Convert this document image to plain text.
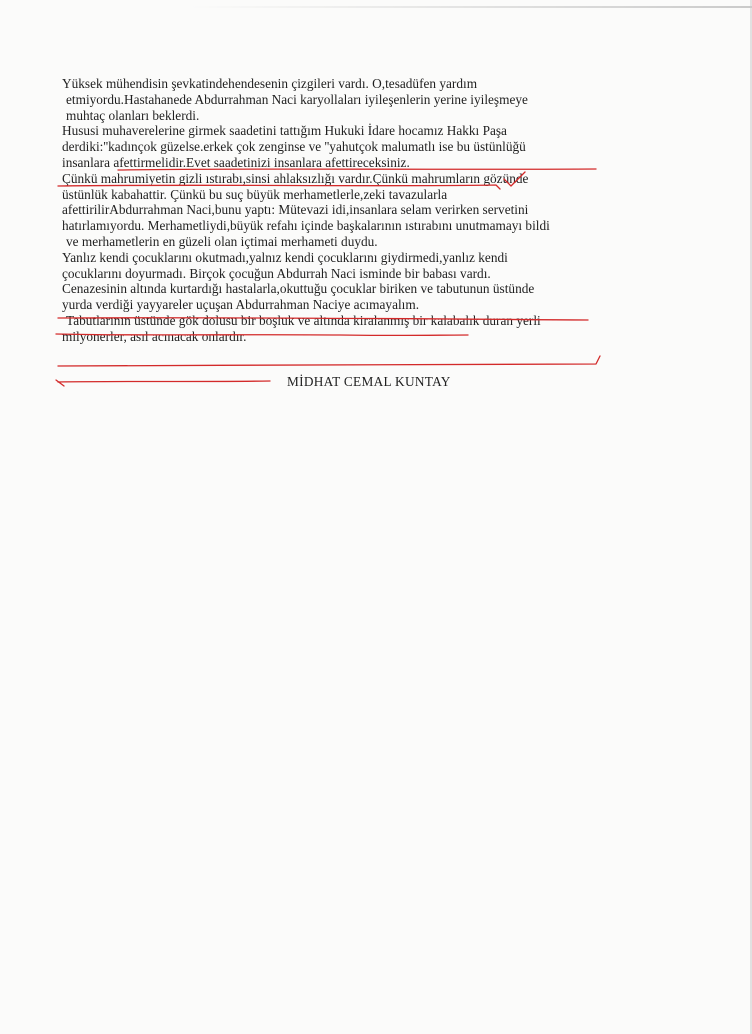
Yüksek mühendisin şevkatindehendesenin çizgileri vardı. O,tesadüfen yardım
etmiyordu.Hastahanede Abdurrahman Naci karyollaları iyileşenlerin yerine iyileşmeye
muhtaç olanları beklerdi.
Hususi muhaverelerine girmek saadetini tattığım Hukuki İdare hocamız Hakkı Paşa
derdiki:''kadınçok güzelse.erkek çok zenginse ve ''yahutçok malumatlı ise bu üstünlüğü
insanlara afettirmelidir.Evet saadetinizi insanlara afettireceksiniz.
Çünkü mahrumiyetin gizli ıstırabı,sinsi ahlaksızlığı vardır.Çünkü mahrumların gözünde
üstünlük kabahattir. Çünkü bu suç büyük merhametlerle,zeki tavazularla
afettirilirAbdurrahman Naci,bunu yaptı: Mütevazi idi,insanlara selam verirken servetini
hatırlamıyordu. Merhametliydi,büyük refahı içinde başkalarının ıstırabını unutmamayı bildi
ve merhametlerin en güzeli olan içtimai merhameti duydu.
Yanlız kendi çocuklarını okutmadı,yalnız kendi çocuklarını giydirmedi,yanlız kendi
çocuklarını doyurmadı. Birçok çocuğun Abdurrah Naci isminde bir babası vardı.
Cenazesinin altında kurtardığı hastalarla,okuttuğu çocuklar biriken ve tabutunun üstünde
yurda verdiği yayyareler uçuşan Abdurrahman Naciye acımayalım.
Tabutlarının üstünde gök dolusu bir boşluk ve altında kiralanmış bir kalabalık duran yerli
milyonerler, asıl acınacak onlardır.
MİDHAT CEMAL KUNTAY
